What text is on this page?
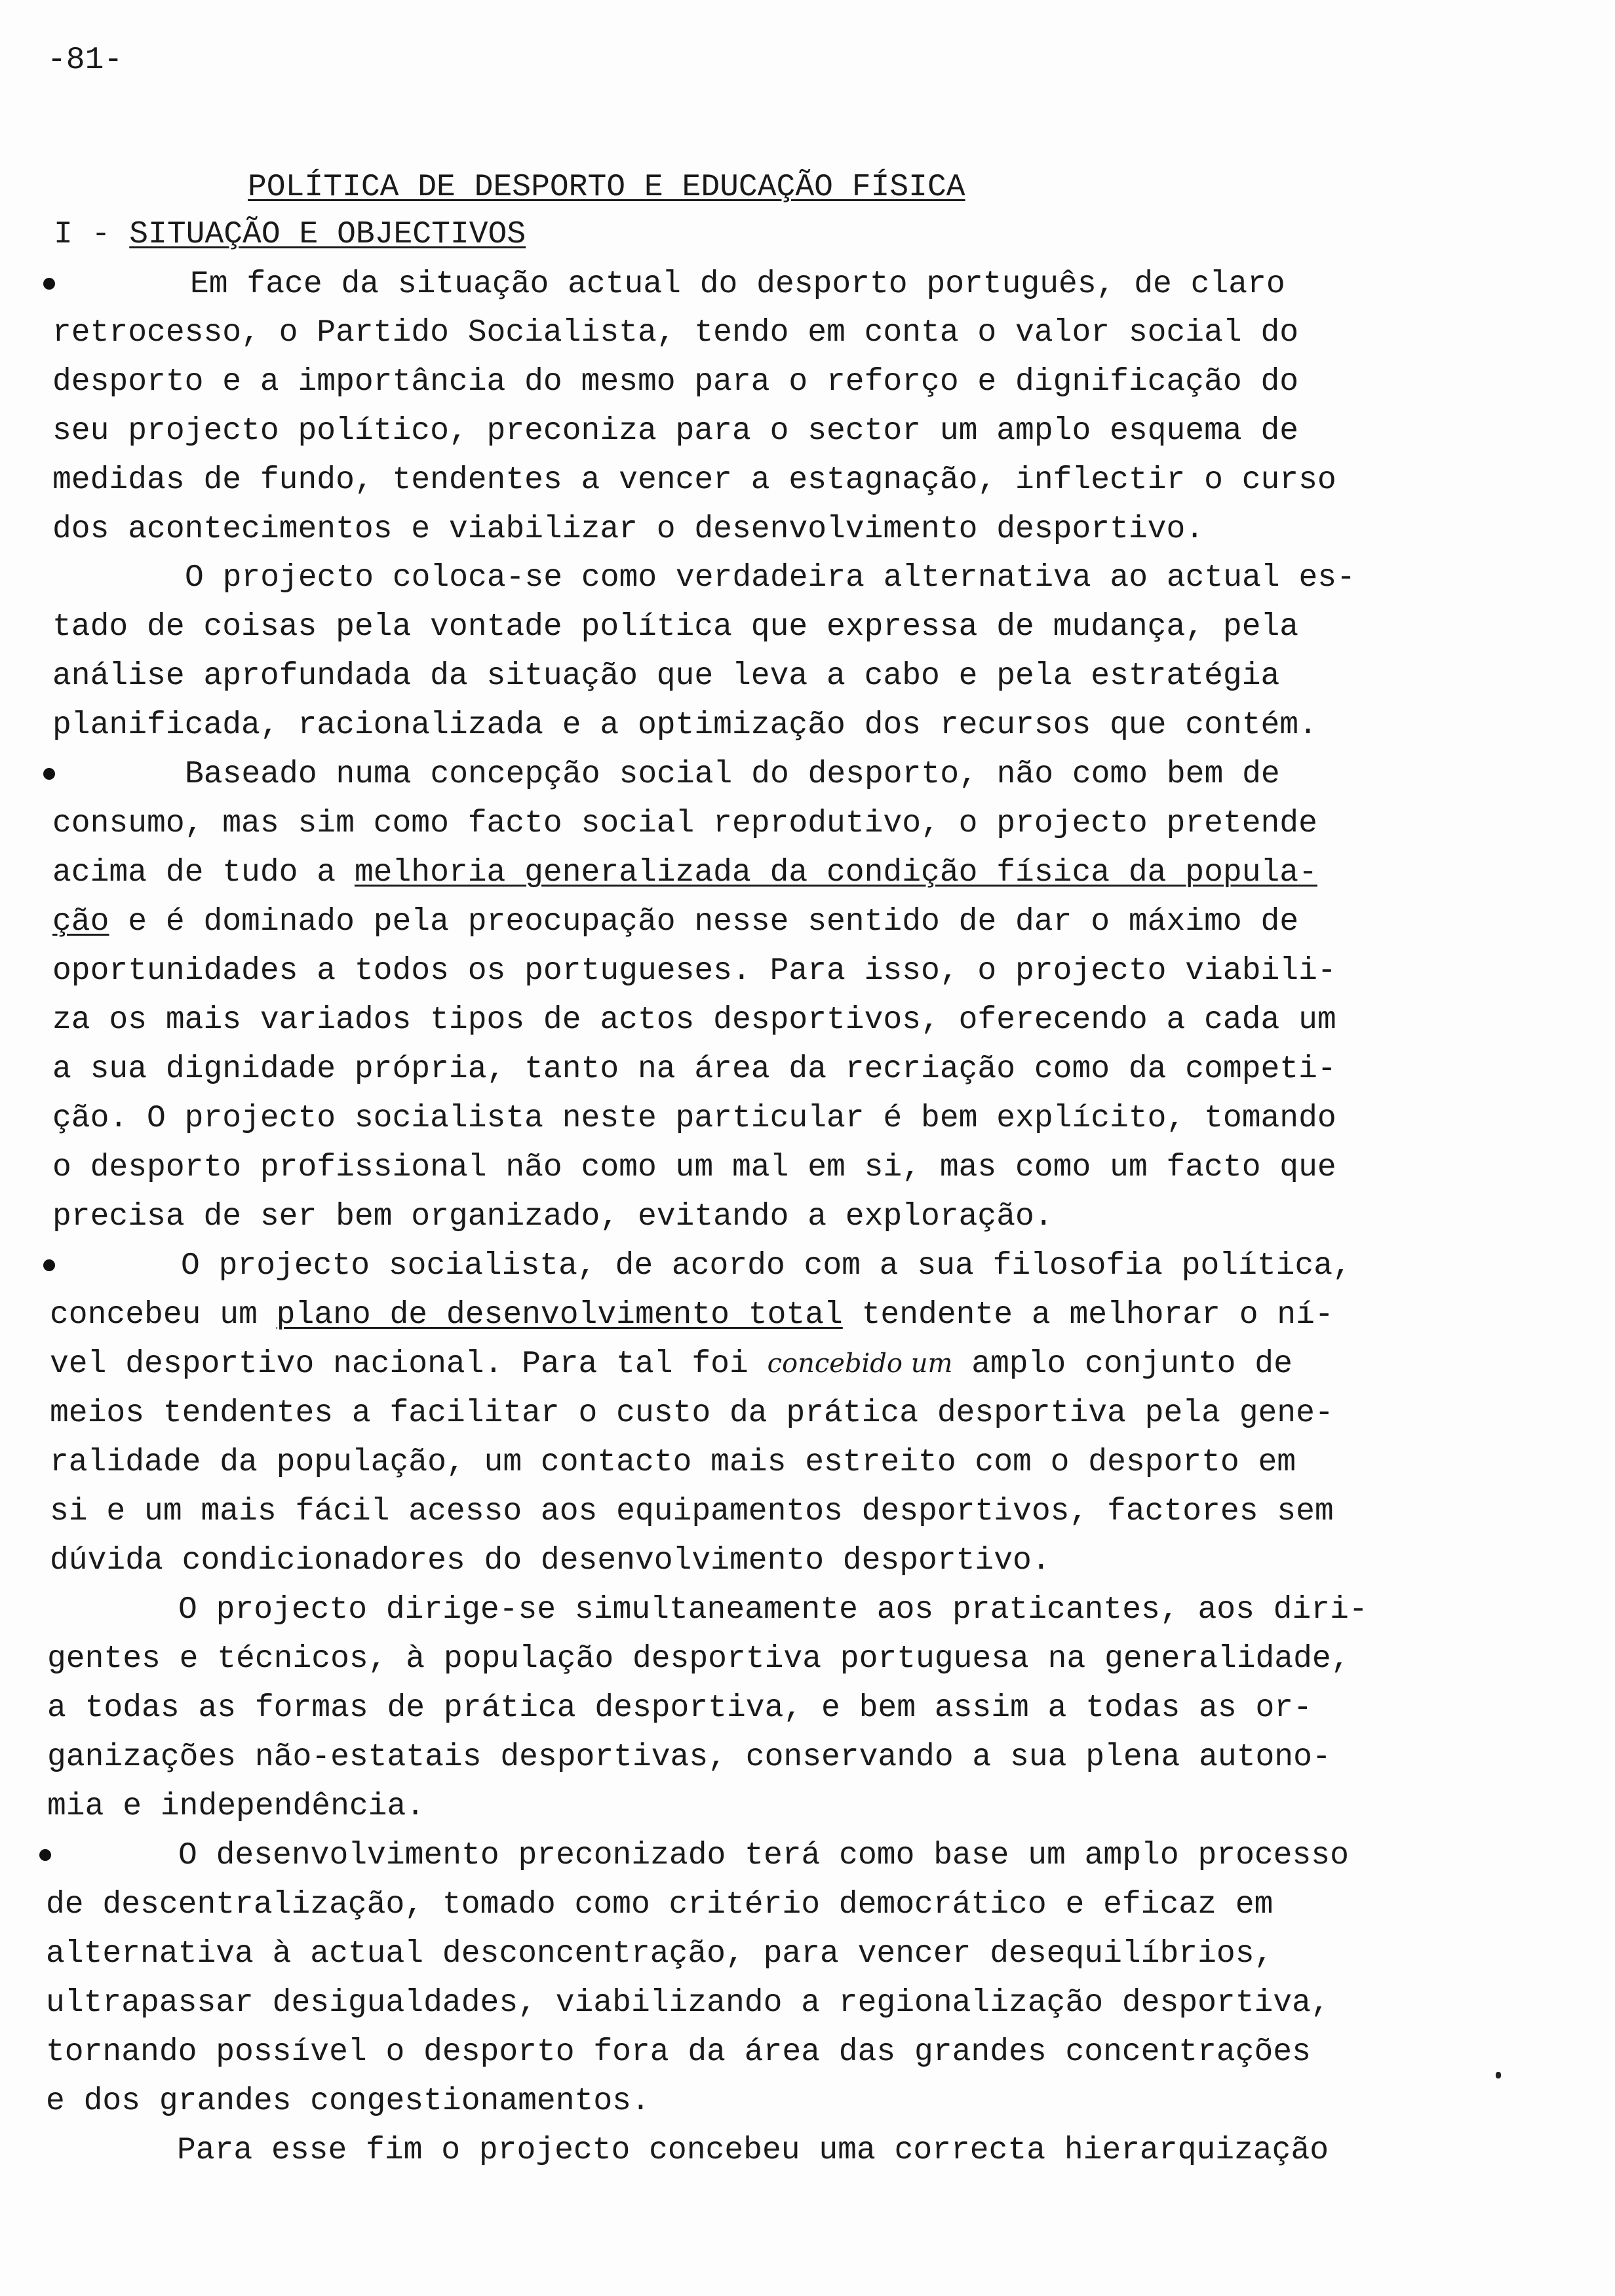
-81-
POLÍTICA DE DESPORTO E EDUCAÇÃO FÍSICA
I - SITUAÇÃO E OBJECTIVOS
Em face da situação actual do desporto português, de claro
retrocesso, o Partido Socialista, tendo em conta o valor social do
desporto e a importância do mesmo para o reforço e dignificação do
seu projecto político, preconiza para o sector um amplo esquema de
medidas de fundo, tendentes a vencer a estagnação, inflectir o curso
dos acontecimentos e viabilizar o desenvolvimento desportivo.
O projecto coloca-se como verdadeira alternativa ao actual es-
tado de coisas pela vontade política que expressa de mudança, pela
análise aprofundada da situação que leva a cabo e pela estratégia
planificada, racionalizada e a optimização dos recursos que contém.
Baseado numa concepção social do desporto, não como bem de
consumo, mas sim como facto social reprodutivo, o projecto pretende
acima de tudo a melhoria generalizada da condição física da popula-
ção e é dominado pela preocupação nesse sentido de dar o máximo de
oportunidades a todos os portugueses. Para isso, o projecto viabili-
za os mais variados tipos de actos desportivos, oferecendo a cada um
a sua dignidade própria, tanto na área da recriação como da competi-
ção. O projecto socialista neste particular é bem explícito, tomando
o desporto profissional não como um mal em si, mas como um facto que
precisa de ser bem organizado, evitando a exploração.
O projecto socialista, de acordo com a sua filosofia política,
concebeu um plano de desenvolvimento total tendente a melhorar o ní-
vel desportivo nacional. Para tal foi concebido um amplo conjunto de
meios tendentes a facilitar o custo da prática desportiva pela gene-
ralidade da população, um contacto mais estreito com o desporto em
si e um mais fácil acesso aos equipamentos desportivos, factores sem
dúvida condicionadores do desenvolvimento desportivo.
O projecto dirige-se simultaneamente aos praticantes, aos diri-
gentes e técnicos, à população desportiva portuguesa na generalidade,
a todas as formas de prática desportiva, e bem assim a todas as or-
ganizações não-estatais desportivas, conservando a sua plena autono-
mia e independência.
O desenvolvimento preconizado terá como base um amplo processo
de descentralização, tomado como critério democrático e eficaz em
alternativa à actual desconcentração, para vencer desequilíbrios,
ultrapassar desigualdades, viabilizando a regionalização desportiva,
tornando possível o desporto fora da área das grandes concentrações
e dos grandes congestionamentos.
Para esse fim o projecto concebeu uma correcta hierarquização
